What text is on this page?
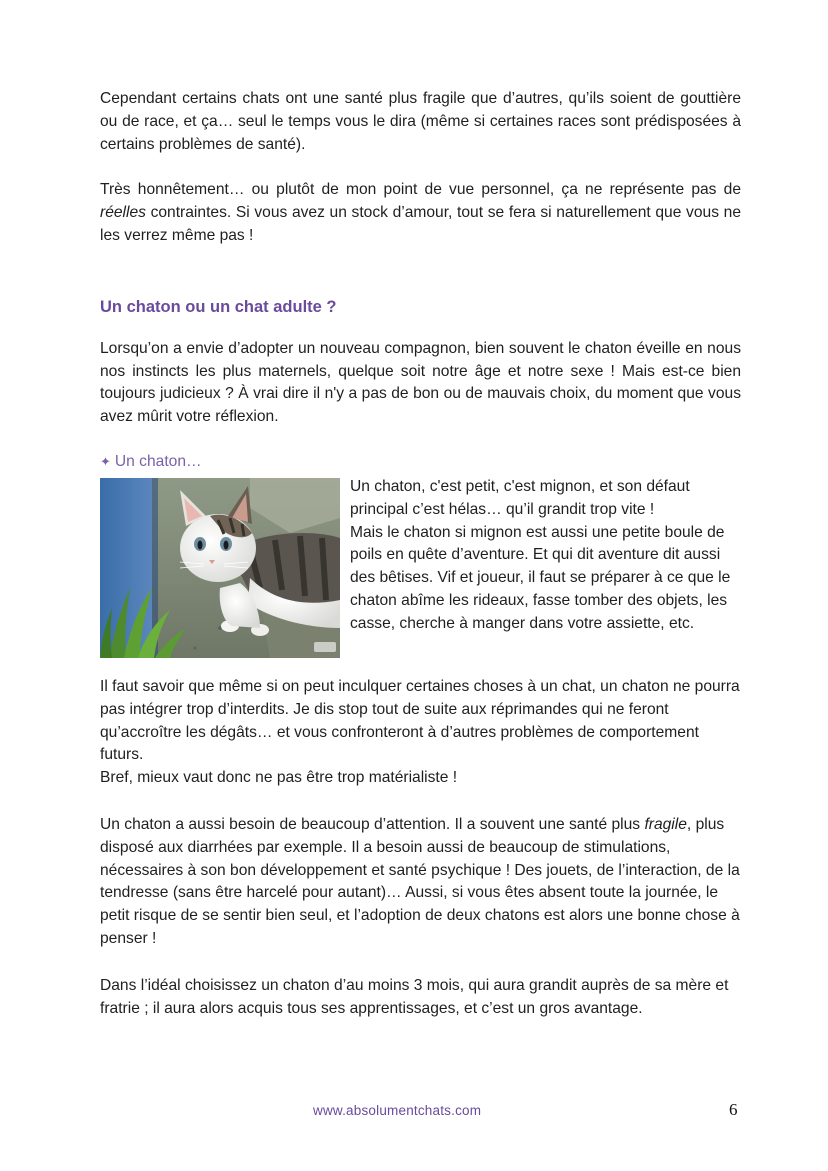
Cependant certains chats ont une santé plus fragile que d’autres, qu’ils soient de gouttière ou de race, et ça… seul le temps vous le dira (même si certaines races sont prédisposées à certains problèmes de santé).

Très honnêtement… ou plutôt de mon point de vue personnel, ça ne représente pas de réelles contraintes. Si vous avez un stock d’amour, tout se fera si naturellement que vous ne les verrez même pas !

Un chaton ou un chat adulte ?

Lorsqu’on a envie d’adopter un nouveau compagnon, bien souvent le chaton éveille en nous nos instincts les plus maternels, quelque soit notre âge et notre sexe ! Mais est-ce bien toujours judicieux ? À vrai dire il n'y a pas de bon ou de mauvais choix, du moment que vous avez mûrit votre réflexion.

✦ Un chaton…

Un chaton, c'est petit, c'est mignon, et son défaut principal c’est hélas… qu’il grandit trop vite !

Mais le chaton si mignon est aussi une petite boule de poils en quête d’aventure. Et qui dit aventure dit aussi des bêtises. Vif et joueur, il faut se préparer à ce que le chaton abîme les rideaux, fasse tomber des objets, les casse, cherche à manger dans votre assiette, etc.

Il faut savoir que même si on peut inculquer certaines choses à un chat, un chaton ne pourra pas intégrer trop d’interdits. Je dis stop tout de suite aux réprimandes qui ne feront qu’accroître les dégâts… et vous confronteront à d’autres problèmes de comportement futurs.

Bref, mieux vaut donc ne pas être trop matérialiste !

Un chaton a aussi besoin de beaucoup d’attention. Il a souvent une santé plus fragile, plus disposé aux diarrhées par exemple. Il a besoin aussi de beaucoup de stimulations, nécessaires à son bon développement et santé psychique ! Des jouets, de l’interaction, de la tendresse (sans être harcelé pour autant)… Aussi, si vous êtes absent toute la journée, le petit risque de se sentir bien seul, et l’adoption de deux chatons est alors une bonne chose à penser !

Dans l’idéal choisissez un chaton d’au moins 3 mois, qui aura grandit auprès de sa mère et fratrie ; il aura alors acquis tous ses apprentissages, et c’est un gros avantage.

www.absolumentchats.com	6
